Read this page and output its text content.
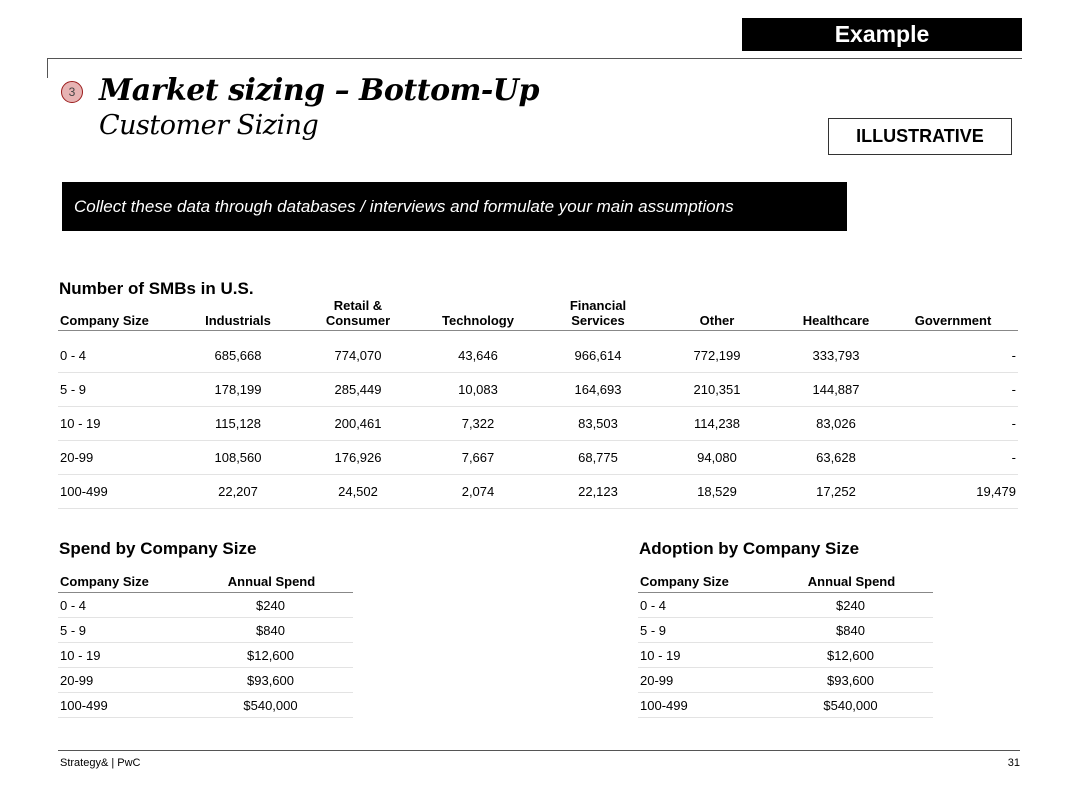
Example
3 Market sizing – Bottom-Up
Customer Sizing	ILLUSTRATIVE
Collect these data through databases / interviews and formulate your main assumptions
Number of SMBs in U.S.
Company Size	Industrials	Retail &
Consumer	Technology	Financial Services	Other	Healthcare	Government
0 - 4	685,668	774,070	43,646	966,614	772,199	333,793	-
5 - 9	178,199	285,449	10,083	164,693	210,351	144,887	-
10 - 19	115,128	200,461	7,322	83,503	114,238	83,026	-
20-99	108,560	176,926	7,667	68,775	94,080	63,628	-
100-499	22,207	24,502	2,074	22,123	18,529	17,252	19,479
Spend by Company Size
Company Size	Annual Spend
0 - 4	$240
5 - 9	$840
10 - 19	$12,600
20-99	$93,600
100-499	$540,000
Adoption by Company Size
Company Size	Annual Spend
0 - 4	$240
5 - 9	$840
10 - 19	$12,600
20-99	$93,600
100-499	$540,000
Strategy& | PwC	31
